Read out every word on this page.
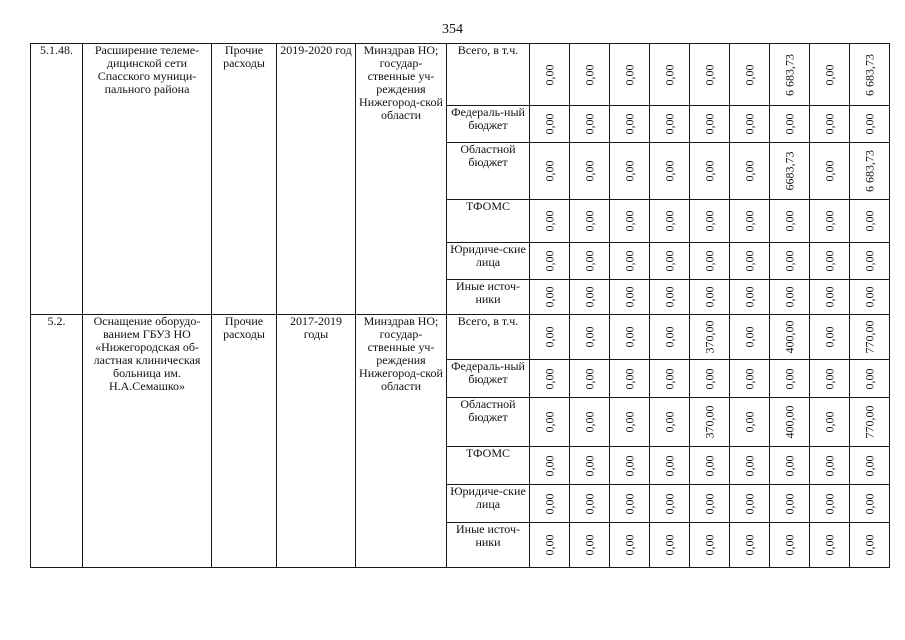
354
5.1.48.	Расширение телеме-дицинской сети Спасского муници-пального района	Прочие расходы	2019-2020 год	Минздрав НО; государ-ственные уч-реждения Нижегород-ской области	Всего, в т.ч.	0,00	0,00	0,00	0,00	0,00	0,00	6 683,73	0,00	6 683,73

					Федераль-ный бюджет	0,00	0,00	0,00	0,00	0,00	0,00	0,00	0,00	0,00

					Областной бюджет	0,00	0,00	0,00	0,00	0,00	0,00	6683,73	0,00	6 683,73

					ТФОМС	0,00	0,00	0,00	0,00	0,00	0,00	0,00	0,00	0,00

					Юридиче-ские лица	0,00	0,00	0,00	0,00	0,00	0,00	0,00	0,00	0,00

					Иные источ-ники	0,00	0,00	0,00	0,00	0,00	0,00	0,00	0,00	0,00

5.2.	Оснащение оборудо-ванием ГБУЗ НО «Нижегородская об-ластная клиническая больница им. Н.А.Семашко»	Прочие расходы	2017-2019 годы	Минздрав НО; государ-ственные уч-реждения Нижегород-ской области	Всего, в т.ч.	0,00	0,00	0,00	0,00	370,00	0,00	400,00	0,00	770,00

					Федераль-ный бюджет	0,00	0,00	0,00	0,00	0,00	0,00	0,00	0,00	0,00

					Областной бюджет	0,00	0,00	0,00	0,00	370,00	0,00	400,00	0,00	770,00

					ТФОМС	0,00	0,00	0,00	0,00	0,00	0,00	0,00	0,00	0,00

					Юридиче-ские лица	0,00	0,00	0,00	0,00	0,00	0,00	0,00	0,00	0,00

					Иные источ-ники	0,00	0,00	0,00	0,00	0,00	0,00	0,00	0,00	0,00
